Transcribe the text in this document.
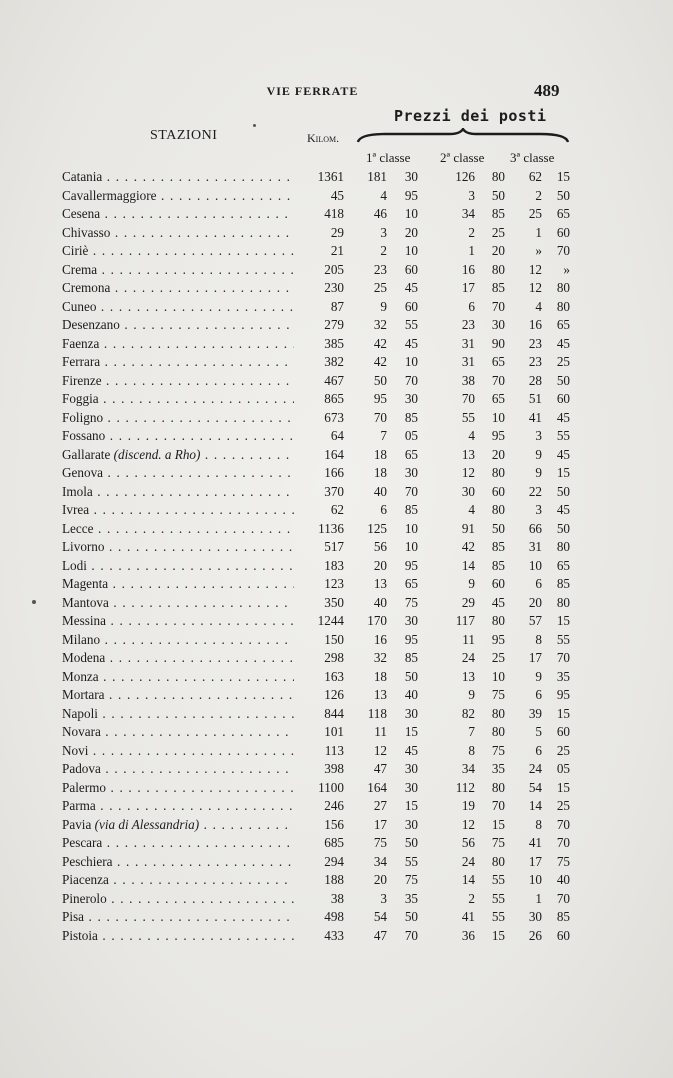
VIE FERRATE	489
STAZIONI	Kilom.
Prezzi dei posti
1ª classe 2ª classe 3ª classe
Catania . . .	1361	181	30	126	80	62	15
Cavallermaggiore . . .	45	4	95	3	50	2	50
Cesena . . .	418	46	10	34	85	25	65
Chivasso . . .	29	3	20	2	25	1	60
Ciriè . . .	21	2	10	1	20	»	70
Crema . . .	205	23	60	16	80	12	»
Cremona . . .	230	25	45	17	85	12	80
Cuneo . . .	87	9	60	6	70	4	80
Desenzano . . .	279	32	55	23	30	16	65
Faenza . . .	385	42	45	31	90	23	45
Ferrara . . .	382	42	10	31	65	23	25
Firenze . . .	467	50	70	38	70	28	50
Foggia . . .	865	95	30	70	65	51	60
Foligno . . .	673	70	85	55	10	41	45
Fossano . . .	64	7	05	4	95	3	55
Gallarate (discend. a Rho) . . .	164	18	65	13	20	9	45
Genova . . .	166	18	30	12	80	9	15
Imola . . .	370	40	70	30	60	22	50
Ivrea . . .	62	6	85	4	80	3	45
Lecce . . .	1136	125	10	91	50	66	50
Livorno . . .	517	56	10	42	85	31	80
Lodi . . .	183	20	95	14	85	10	65
Magenta . . .	123	13	65	9	60	6	85
Mantova . . .	350	40	75	29	45	20	80
Messina . . .	1244	170	30	117	80	57	15
Milano . . .	150	16	95	11	95	8	55
Modena . . .	298	32	85	24	25	17	70
Monza . . .	163	18	50	13	10	9	35
Mortara . . .	126	13	40	9	75	6	95
Napoli . . .	844	118	30	82	80	39	15
Novara . . .	101	11	15	7	80	5	60
Novi . . .	113	12	45	8	75	6	25
Padova . . .	398	47	30	34	35	24	05
Palermo . . .	1100	164	30	112	80	54	15
Parma . . .	246	27	15	19	70	14	25
Pavia (via di Alessandria) . . .	156	17	30	12	15	8	70
Pescara . . .	685	75	50	56	75	41	70
Peschiera . . .	294	34	55	24	80	17	75
Piacenza . . .	188	20	75	14	55	10	40
Pinerolo . . .	38	3	35	2	55	1	70
Pisa . . .	498	54	50	41	55	30	85
Pistoia . . .	433	47	70	36	15	26	60
